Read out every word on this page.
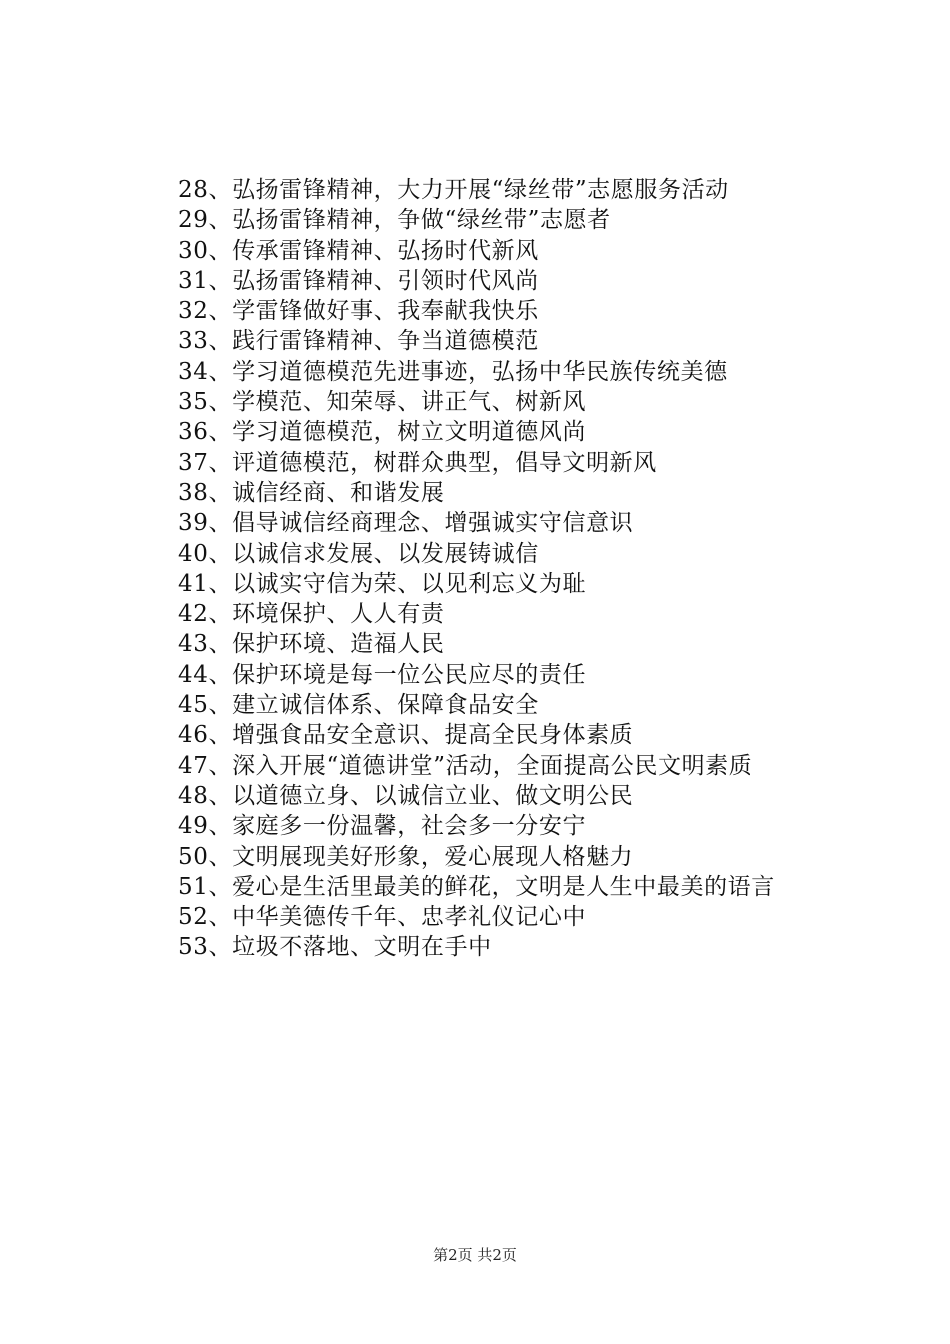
28、弘扬雷锋精神，大力开展“绿丝带”志愿服务活动
29、弘扬雷锋精神，争做“绿丝带”志愿者
30、传承雷锋精神、弘扬时代新风
31、弘扬雷锋精神、引领时代风尚
32、学雷锋做好事、我奉献我快乐
33、践行雷锋精神、争当道德模范
34、学习道德模范先进事迹，弘扬中华民族传统美德
35、学模范、知荣辱、讲正气、树新风
36、学习道德模范，树立文明道德风尚
37、评道德模范，树群众典型，倡导文明新风
38、诚信经商、和谐发展
39、倡导诚信经商理念、增强诚实守信意识
40、以诚信求发展、以发展铸诚信
41、以诚实守信为荣、以见利忘义为耻
42、环境保护、人人有责
43、保护环境、造福人民
44、保护环境是每一位公民应尽的责任
45、建立诚信体系、保障食品安全
46、增强食品安全意识、提高全民身体素质
47、深入开展“道德讲堂”活动，全面提高公民文明素质
48、以道德立身、以诚信立业、做文明公民
49、家庭多一份温馨，社会多一分安宁
50、文明展现美好形象，爱心展现人格魅力
51、爱心是生活里最美的鲜花，文明是人生中最美的语言
52、中华美德传千年、忠孝礼仪记心中
53、垃圾不落地、文明在手中
第2页 共2页
